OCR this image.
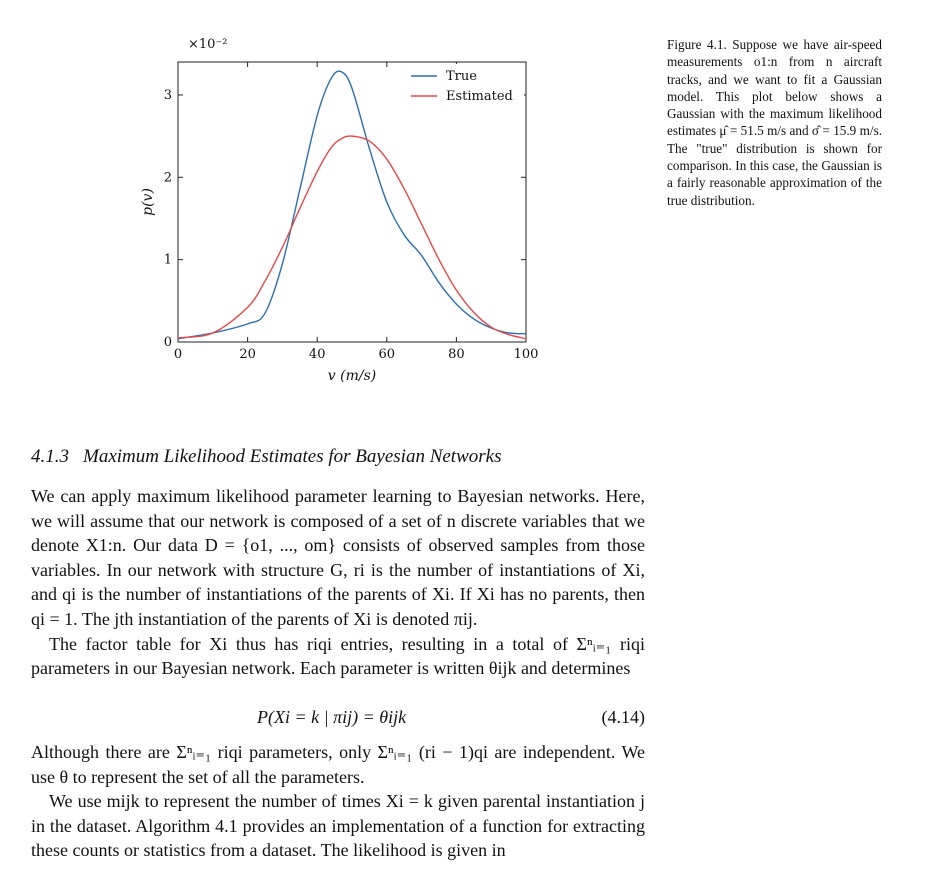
×10⁻²
0	20	40	60	80	100
0
1
2
3
True
Estimated
v (m/s)
p(v)
Figure 4.1. Suppose we have air-speed measurements o1:n from n aircraft tracks, and we want to fit a Gaussian model. This plot below shows a Gaussian with the maximum likelihood estimates μ̂ = 51.5 m/s and σ̂ = 15.9 m/s. The "true" distribution is shown for comparison. In this case, the Gaussian is a fairly reasonable approximation of the true distribution.
4.1.3 Maximum Likelihood Estimates for Bayesian Networks

We can apply maximum likelihood parameter learning to Bayesian networks. Here, we will assume that our network is composed of a set of n discrete variables that we denote X1:n. Our data D = {o1, ..., om} consists of observed samples from those variables. In our network with structure G, ri is the number of instantiations of Xi, and qi is the number of instantiations of the parents of Xi. If Xi has no parents, then qi = 1. The jth instantiation of the parents of Xi is denoted πij.

The factor table for Xi thus has riqi entries, resulting in a total of Σⁿᵢ₌₁ riqi parameters in our Bayesian network. Each parameter is written θijk and determines

P(Xi = k | πij) = θijk	(4.14)

Although there are Σⁿᵢ₌₁ riqi parameters, only Σⁿᵢ₌₁ (ri − 1)qi are independent. We use θ to represent the set of all the parameters.

We use mijk to represent the number of times Xi = k given parental instantiation j in the dataset. Algorithm 4.1 provides an implementation of a function for extracting these counts or statistics from a dataset. The likelihood is given in
